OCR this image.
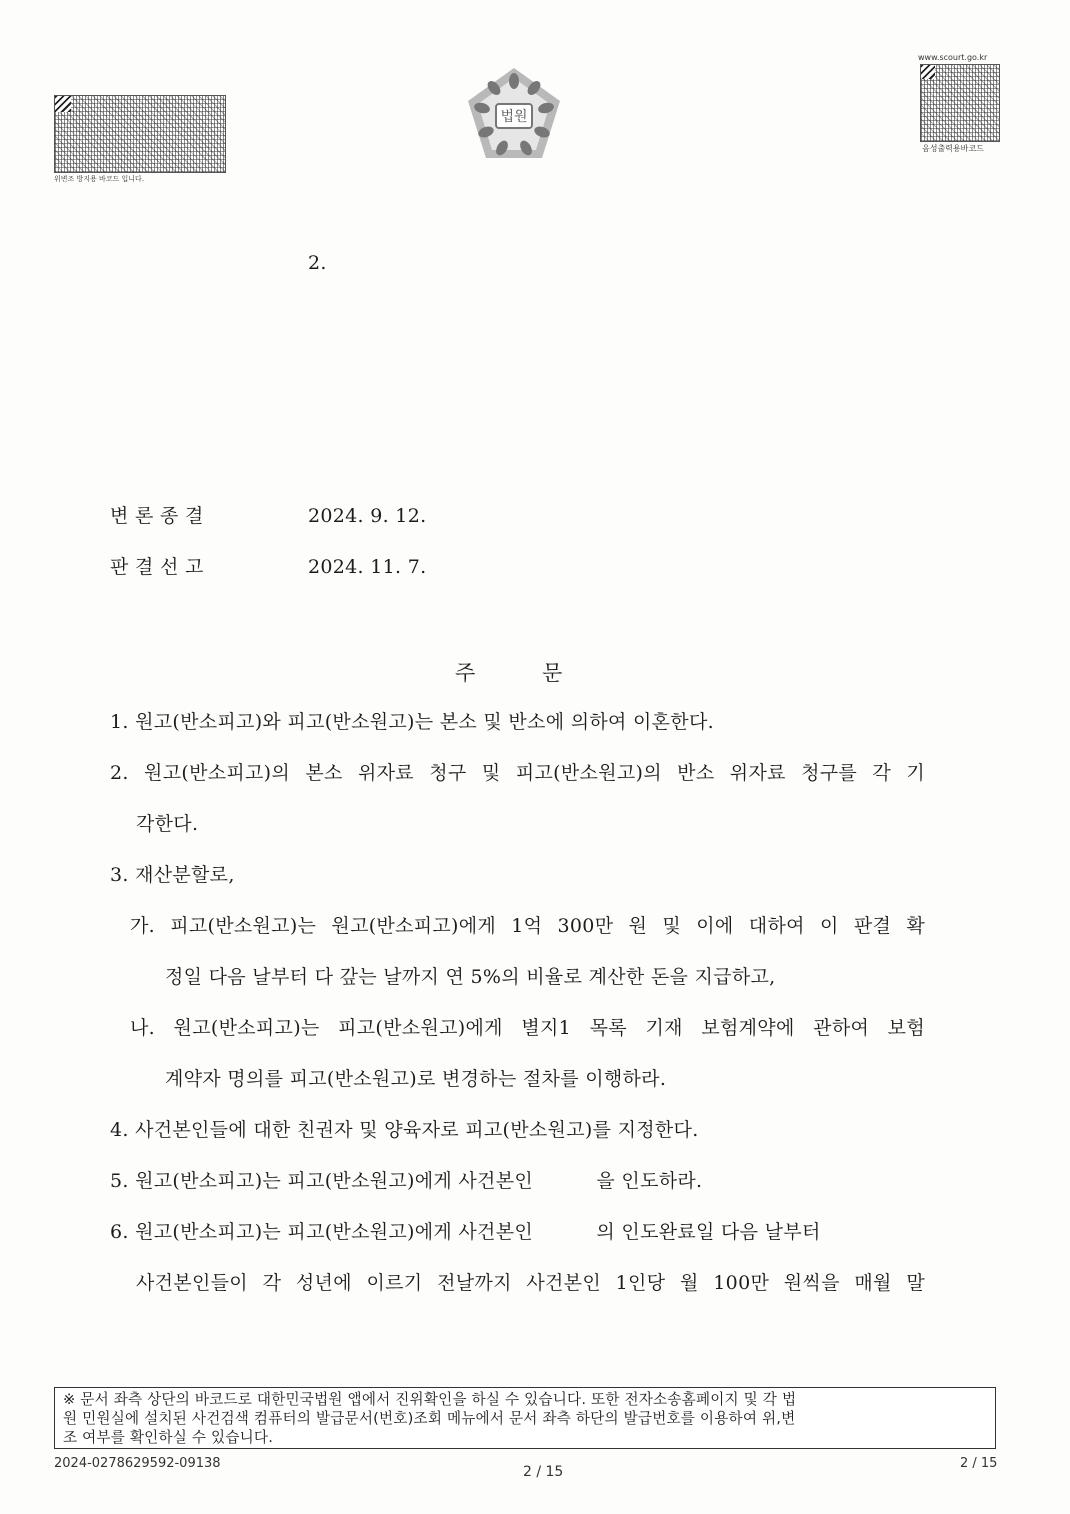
위변조 방지용 바코드 입니다.
법원
www.scourt.go.kr
음성출력용바코드
2.
변 론 종 결	2024. 9. 12.
판 결 선 고	2024. 11. 7.
주          문
1. 원고(반소피고)와 피고(반소원고)는 본소 및 반소에 의하여 이혼한다.
2. 원고(반소피고)의 본소 위자료 청구 및 피고(반소원고)의 반소 위자료 청구를 각 기
각한다.
3. 재산분할로,
가. 피고(반소원고)는 원고(반소피고)에게 1억 300만 원 및 이에 대하여 이 판결 확
정일 다음 날부터 다 갚는 날까지 연 5%의 비율로 계산한 돈을 지급하고,
나. 원고(반소피고)는 피고(반소원고)에게 별지1 목록 기재 보험계약에 관하여 보험
계약자 명의를 피고(반소원고)로 변경하는 절차를 이행하라.
4. 사건본인들에 대한 친권자 및 양육자로 피고(반소원고)를 지정한다.
5. 원고(반소피고)는 피고(반소원고)에게 사건본인          을 인도하라.
6. 원고(반소피고)는 피고(반소원고)에게 사건본인          의 인도완료일 다음 날부터
사건본인들이 각 성년에 이르기 전날까지 사건본인 1인당 월 100만 원씩을 매월 말
※ 문서 좌측 상단의 바코드로 대한민국법원 앱에서 진위확인을 하실 수 있습니다. 또한 전자소송홈페이지 및 각 법
원 민원실에 설치된 사건검색 컴퓨터의 발급문서(번호)조회 메뉴에서 문서 좌측 하단의 발급번호를 이용하여 위,변
조 여부를 확인하실 수 있습니다.
2024-0278629592-09138
2 / 15
2 / 15
